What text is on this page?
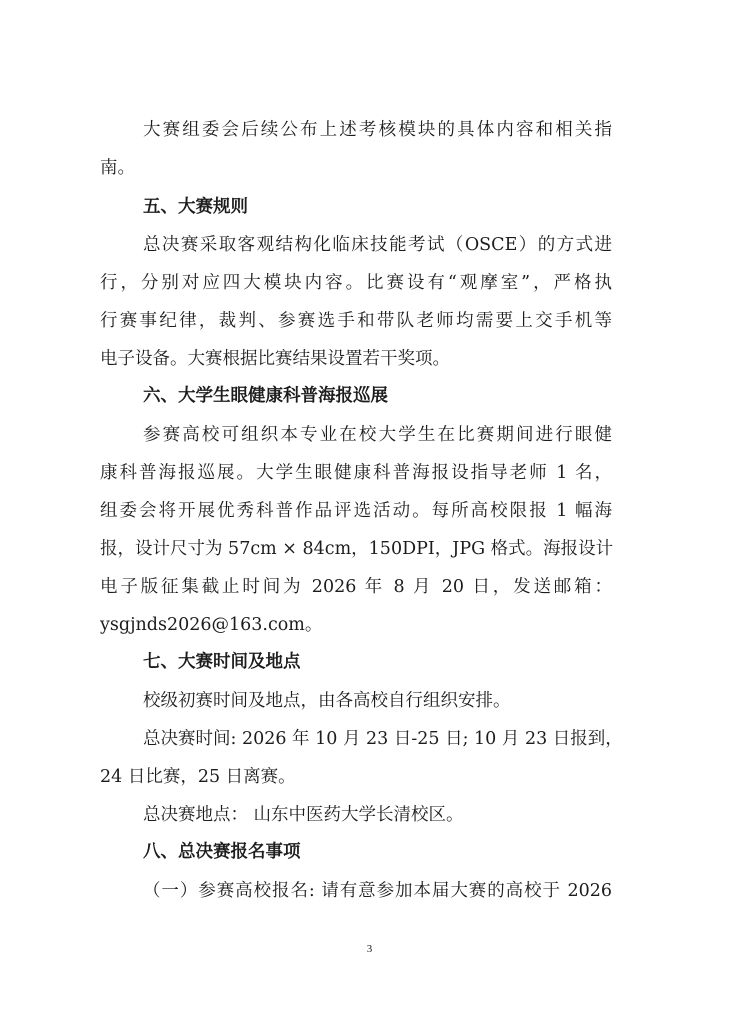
大赛组委会后续公布上述考核模块的具体内容和相关指
南。
五、大赛规则
总决赛采取客观结构化临床技能考试（OSCE）的方式进
行，分别对应四大模块内容。比赛设有“观摩室”，严格执
行赛事纪律，裁判、参赛选手和带队老师均需要上交手机等
电子设备。大赛根据比赛结果设置若干奖项。
六、大学生眼健康科普海报巡展
参赛高校可组织本专业在校大学生在比赛期间进行眼健
康科普海报巡展。大学生眼健康科普海报设指导老师 1 名，
组委会将开展优秀科普作品评选活动。每所高校限报 1 幅海
报，设计尺寸为 57cm × 84cm，150DPI，JPG 格式。海报设计
电子版征集截止时间为 2026 年 8 月 20 日，发送邮箱：
ysgjnds2026@163.com。
七、大赛时间及地点
校级初赛时间及地点，由各高校自行组织安排。
总决赛时间: 2026 年 10 月 23 日-25 日; 10 月 23 日报到，
24 日比赛，25 日离赛。
总决赛地点： 山东中医药大学长清校区。
八、总决赛报名事项
（一）参赛高校报名: 请有意参加本届大赛的高校于 2026
3
